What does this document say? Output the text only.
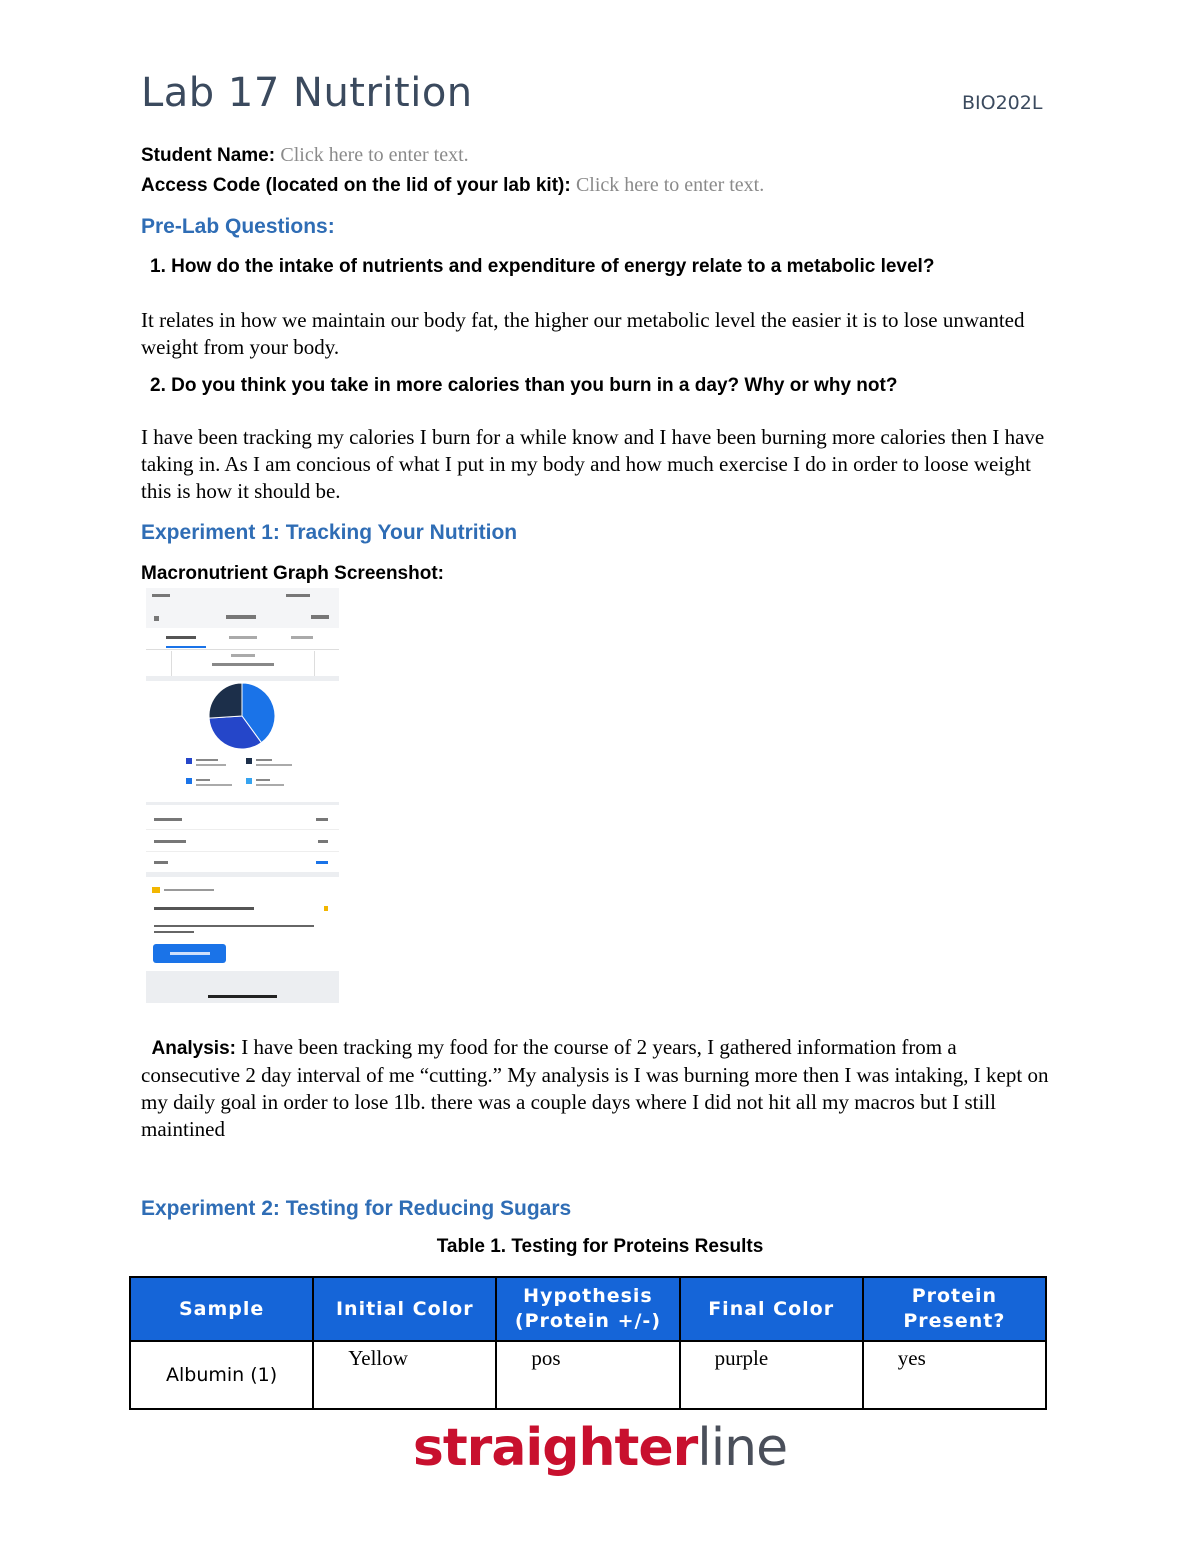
Lab 17 Nutrition	BIO202L
Student Name: Click here to enter text.
Access Code (located on the lid of your lab kit): Click here to enter text.
Pre-Lab Questions:
1. How do the intake of nutrients and expenditure of energy relate to a metabolic level?
It relates in how we maintain our body fat, the higher our metabolic level the easier it is to lose unwanted weight from your body.
2. Do you think you take in more calories than you burn in a day? Why or why not?
I have been tracking my calories I burn for a while know and I have been burning more calories then I have taking in. As I am concious of what I put in my body and how much exercise I do in order to loose weight this is how it should be.
Experiment 1: Tracking Your Nutrition
Macronutrient Graph Screenshot:
Analysis: I have been tracking my food for the course of 2 years, I gathered information from a consecutive 2 day interval of me “cutting.” My analysis is I was burning more then I was intaking, I kept on my daily goal in order to lose 1lb. there was a couple days where I did not hit all my macros but I still maintined
Experiment 2: Testing for Reducing Sugars
Table 1. Testing for Proteins Results
Sample	Initial Color	Hypothesis (Protein +/-)	Final Color	Protein Present?
Albumin (1)	Yellow	pos	purple	yes
straighterline
